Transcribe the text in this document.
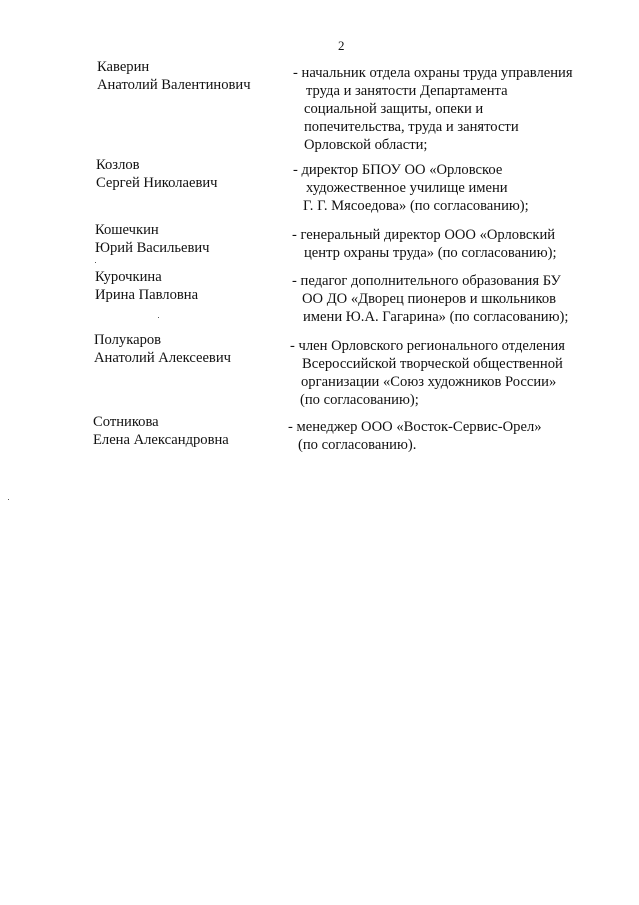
2
Каверин
Анатолий Валентинович
- начальник отдела охраны труда управления
труда и занятости Департамента
социальной защиты, опеки и
попечительства, труда и занятости
Орловской области;
Козлов
Сергей Николаевич
- директор БПОУ ОО «Орловское
художественное училище имени
Г. Г. Мясоедова» (по согласованию);
Кошечкин
Юрий Васильевич
- генеральный директор ООО «Орловский
центр охраны труда» (по согласованию);
Курочкина
Ирина Павловна
- педагог дополнительного образования БУ
ОО ДО «Дворец пионеров и школьников
имени Ю.А. Гагарина» (по согласованию);
Полукаров
Анатолий Алексеевич
- член Орловского регионального отделения
Всероссийской творческой общественной
организации «Союз художников России»
(по согласованию);
Сотникова
Елена Александровна
- менеджер ООО «Восток-Сервис-Орел»
(по согласованию).
